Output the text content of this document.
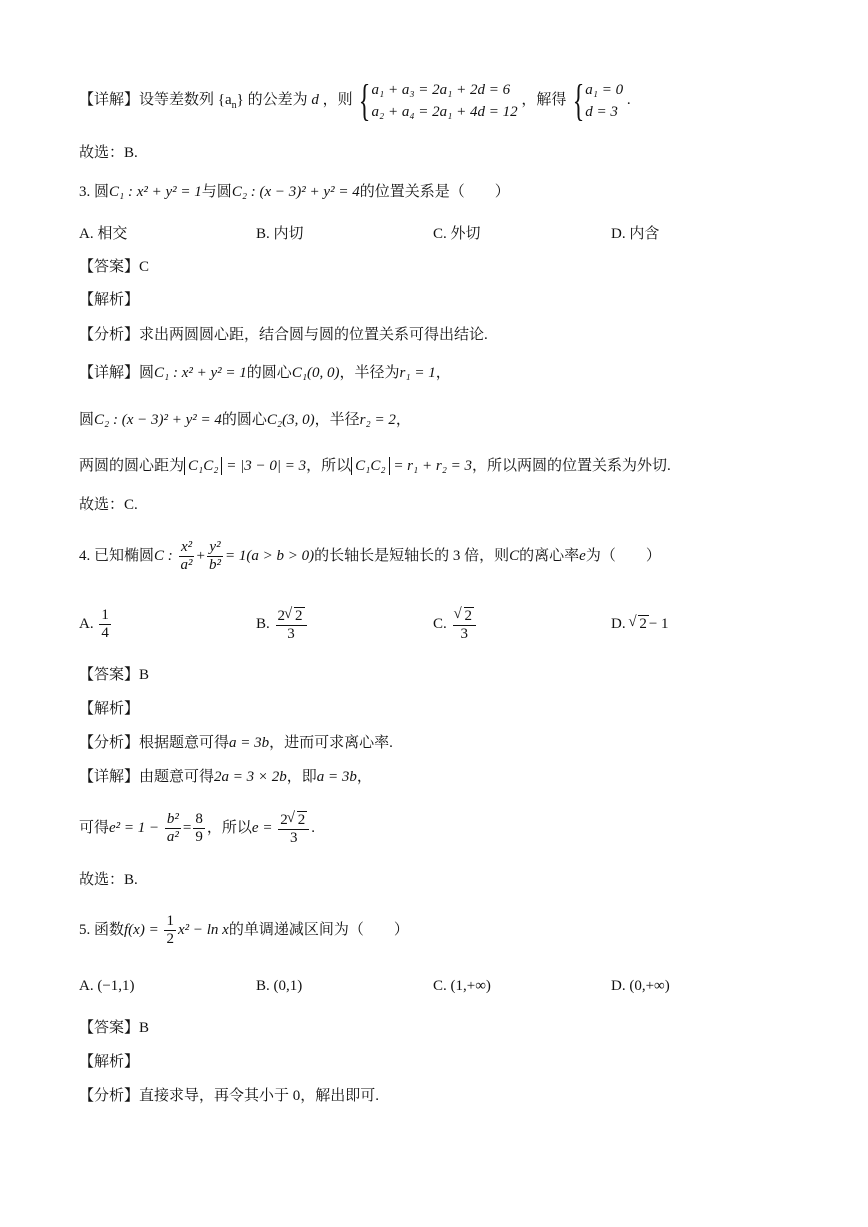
【详解】设等差数列 $\{a_n\}$ 的公差为 d ，则 { a₁ + a₃ = 2a₁ + 2d = 6
a₂ + a₄ = 2a₁ + 4d = 12
，解得 { a₁ = 0
d = 3
.
故选：B.
3. 圆C₁ : x² + y² = 1与圆C₂ : (x − 3)² + y² = 4的位置关系是（　　）
A. 相交	B. 内切	C. 外切	D. 内含
【答案】C
【解析】
【分析】求出两圆圆心距，结合圆与圆的位置关系可得出结论.
【详解】圆C₁ : x² + y² = 1的圆心C₁(0, 0)，半径为r₁ = 1，
圆C₂ : (x − 3)² + y² = 4的圆心C₂(3, 0)，半径r₂ = 2，
两圆的圆心距为 C₁C₂ = |3 − 0| = 3，所以 C₁C₂ = r₁ + r₂ = 3，所以两圆的位置关系为外切.
故选：C.
4. 已知椭圆C : $\frac{\text{x²}}{\text{a²}} + \frac{\text{y²}}{\text{b²}} = 1(a > b > 0)$的长轴长是短轴长的 3 倍，则C的离心率e为（　　）
A. $\frac{1}{4}$	B. $\frac{2 √ 2}{3}$	C. √ $\frac{2}{3}$	D. √ 2 − 1
【答案】B
【解析】
【分析】根据题意可得a = 3b，进而可求离心率.
【详解】由题意可得2a = 3 × 2b，即a = 3b，
可得$e^2 = 1 - \frac{\text{b²}}{\text{a²}} = \frac{8}{9}$ ，所以$e = \frac{2 √ 2}{3}$ .
故选：B.
5. 函数$f(x) = \frac{1}{2} x^2 - \ln x$的单调递减区间为（　　）
A. (−1,1)	B. (0,1)	C. (1,+∞)	D. (0,+∞)
【答案】B
【解析】
【分析】直接求导，再令其小于 0，解出即可.
